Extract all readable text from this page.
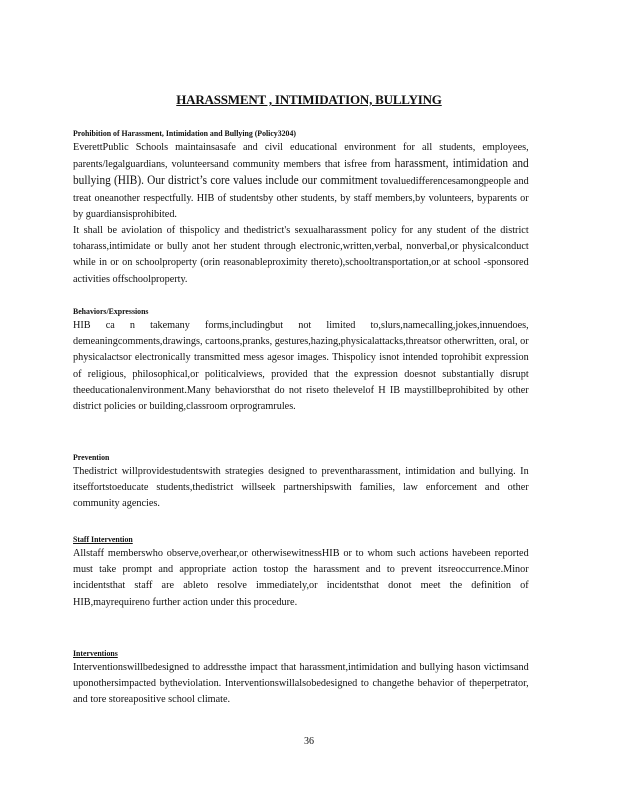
HARASSMENT , INTIMIDATION, BULLYING
Prohibition of Harassment, Intimidation and Bullying (Policy3204)

EverettPublic Schools maintainsasafe and civil educational environment for all students, employees, parents/legalguardians, volunteersand community members that isfree from harassment, intimidation and bullying (HIB). Our district’s core values include our commitment tovaluedifferencesamongpeople and treat oneanother respectfully. HIB of studentsby other students, by staff members,by volunteers, byparents or by guardiansisprohibited.
It shall be aviolation of thispolicy and thedistrict's sexualharassment policy for any student of the district toharass,intimidate or bully anot her student through electronic,written,verbal, nonverbal,or physicalconduct while in or on schoolproperty (orin reasonableproximity thereto),schooltransportation,or at school -sponsored activities offschoolproperty.

Behaviors/Expressions

HIB ca n takemany forms,includingbut not limited to,slurs,namecalling,jokes,innuendoes, demeaningcomments,drawings, cartoons,pranks, gestures,hazing,physicalattacks,threatsor otherwritten, oral, or physicalactsor electronically transmitted mess agesor images. Thispolicy isnot intended toprohibit expression of religious, philosophical,or politicalviews, provided that the expression doesnot substantially disrupt theeducationalenvironment.Many behaviorsthat do not riseto thelevelof H IB maystillbeprohibited by other district policies or building,classroom orprogramrules.

Prevention

Thedistrict willprovidestudentswith strategies designed to preventharassment, intimidation and bullying. In itseffortstoeducate students,thedistrict willseek partnershipswith families, law enforcement and other community agencies.

Staff Intervention

Allstaff memberswho observe,overhear,or otherwisewitnessHIB or to whom such actions havebeen reported must take prompt and appropriate action tostop the harassment and to prevent itsreoccurrence.Minor incidentsthat staff are ableto resolve immediately,or incidentsthat donot meet the definition of HIB,mayrequireno further action under this procedure.

Interventions

Interventionswillbedesigned to addressthe impact that harassment,intimidation and bullying hason victimsand uponothersimpacted bytheviolation. Interventionswillalsobedesigned to changethe behavior of theperpetrator, and tore storeapositive school climate.

36
